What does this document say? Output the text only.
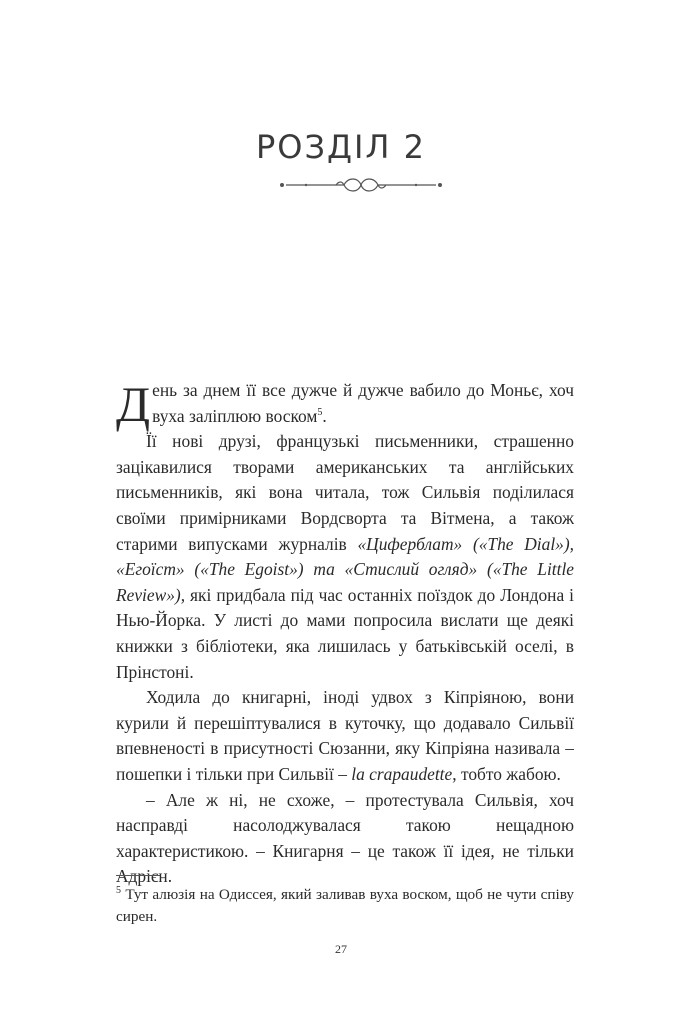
РОЗДІЛ 2

День за днем її все дужче й дужче вабило до Моньє, хоч вуха заліплюю воском$^5$.

Її нові друзі, французькі письменники, страшенно зацікавилися творами американських та англійських письменників, які вона читала, тож Сильвія поділилася своїми примірниками Вордсворта та Вітмена, а також старими випусками журналів «Циферблат» («The Dial»), «Егоїст» («The Egoist») та «Стислий огляд» («The Little Review»), які придбала під час останніх поїздок до Лондона і Нью-Йорка. У листі до мами попросила вислати ще деякі книжки з бібліотеки, яка лишилась у батьківській оселі, в Прінстоні.

Ходила до книгарні, іноді удвох з Кіпріяною, вони курили й перешіптувалися в куточку, що додавало Сильвії впевненості в присутності Сюзанни, яку Кіпріяна називала – пошепки і тільки при Сильвії – la crapaudette, тобто жабою.

– Але ж ні, не схоже, – протестувала Сильвія, хоч насправді насолоджувалася такою нещадною характеристикою. – Книгарня – це також її ідея, не тільки Адрієн.

$^5$ Тут алюзія на Одиссея, який заливав вуха воском, щоб не чути співу сирен.
27
